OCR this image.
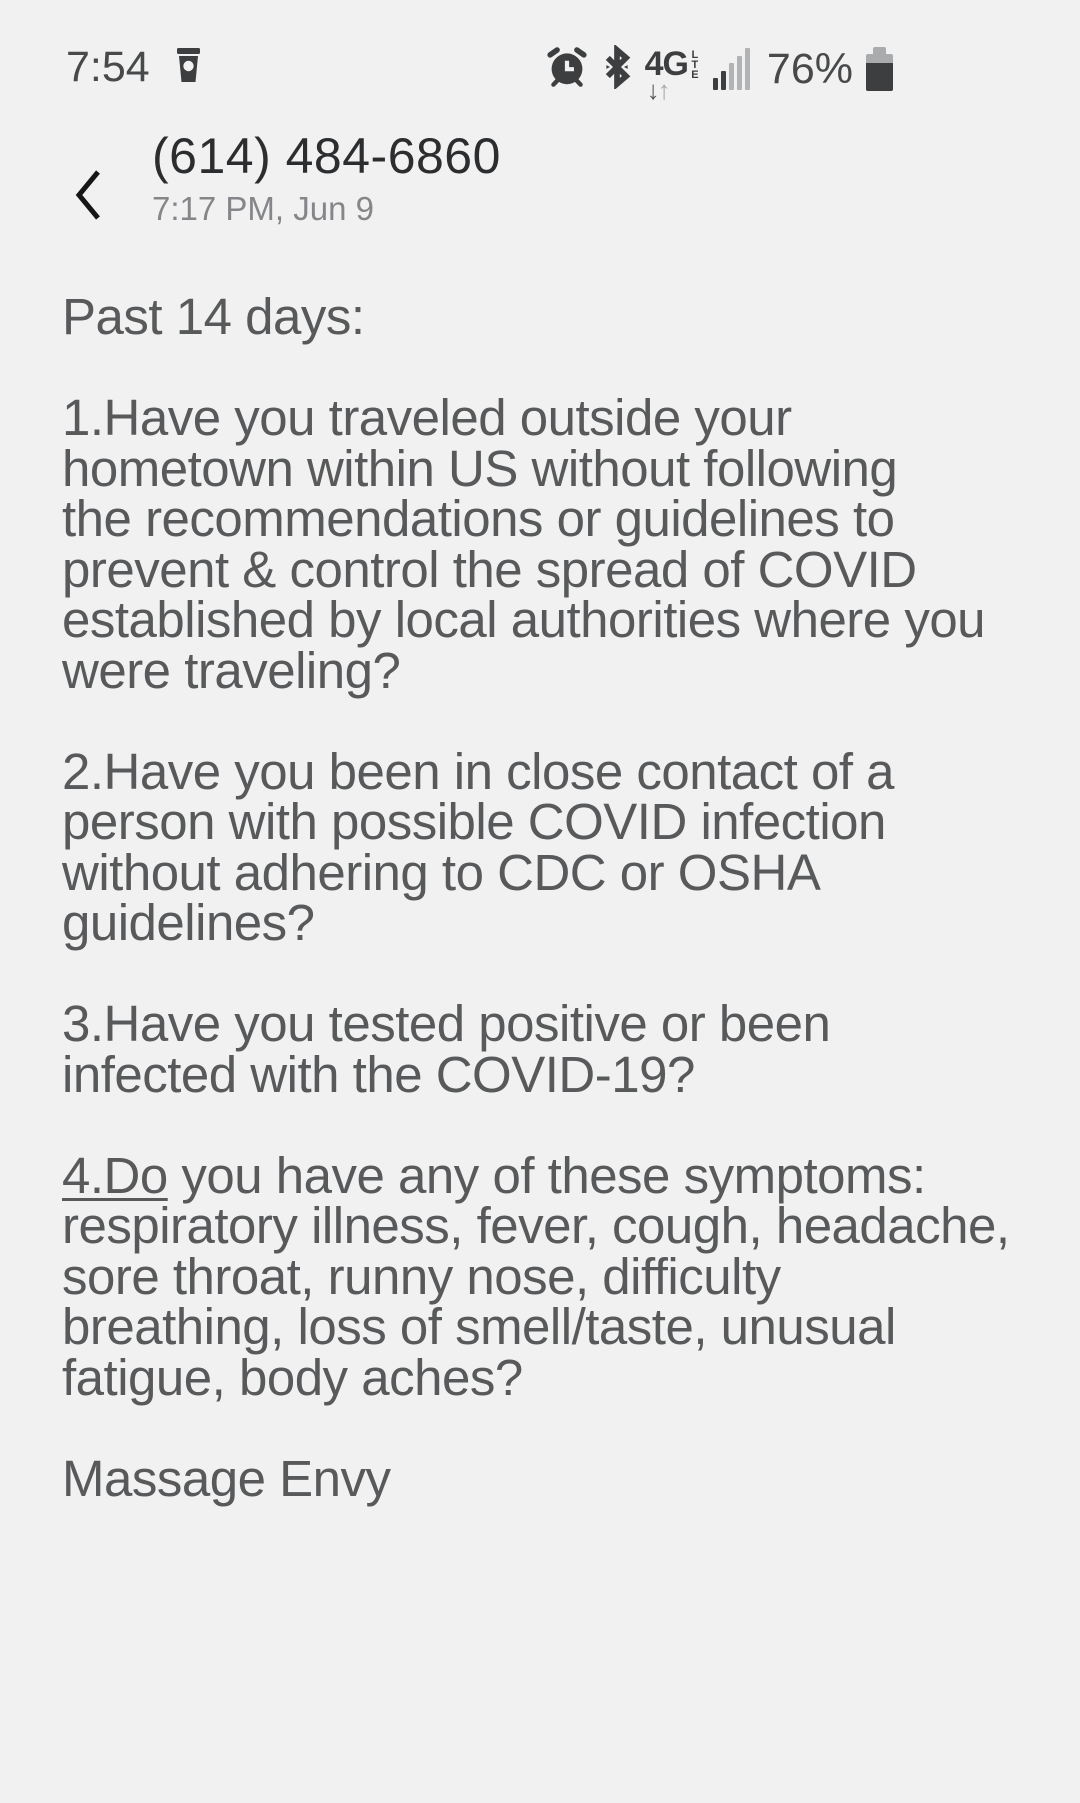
7:54	4G LTE
↓
↑ 76%
(614) 484-6860
7:17 PM, Jun 9

Past 14 days:

1.Have you traveled outside your
hometown within US without following
the recommendations or guidelines to
prevent & control the spread of COVID
established by local authorities where you
were traveling?

2.Have you been in close contact of a
person with possible COVID infection
without adhering to CDC or OSHA
guidelines?

3.Have you tested positive or been
infected with the COVID-19?

4.Do you have any of these symptoms:
respiratory illness, fever, cough, headache,
sore throat, runny nose, difficulty
breathing, loss of smell/taste, unusual
fatigue, body aches?

Massage Envy
